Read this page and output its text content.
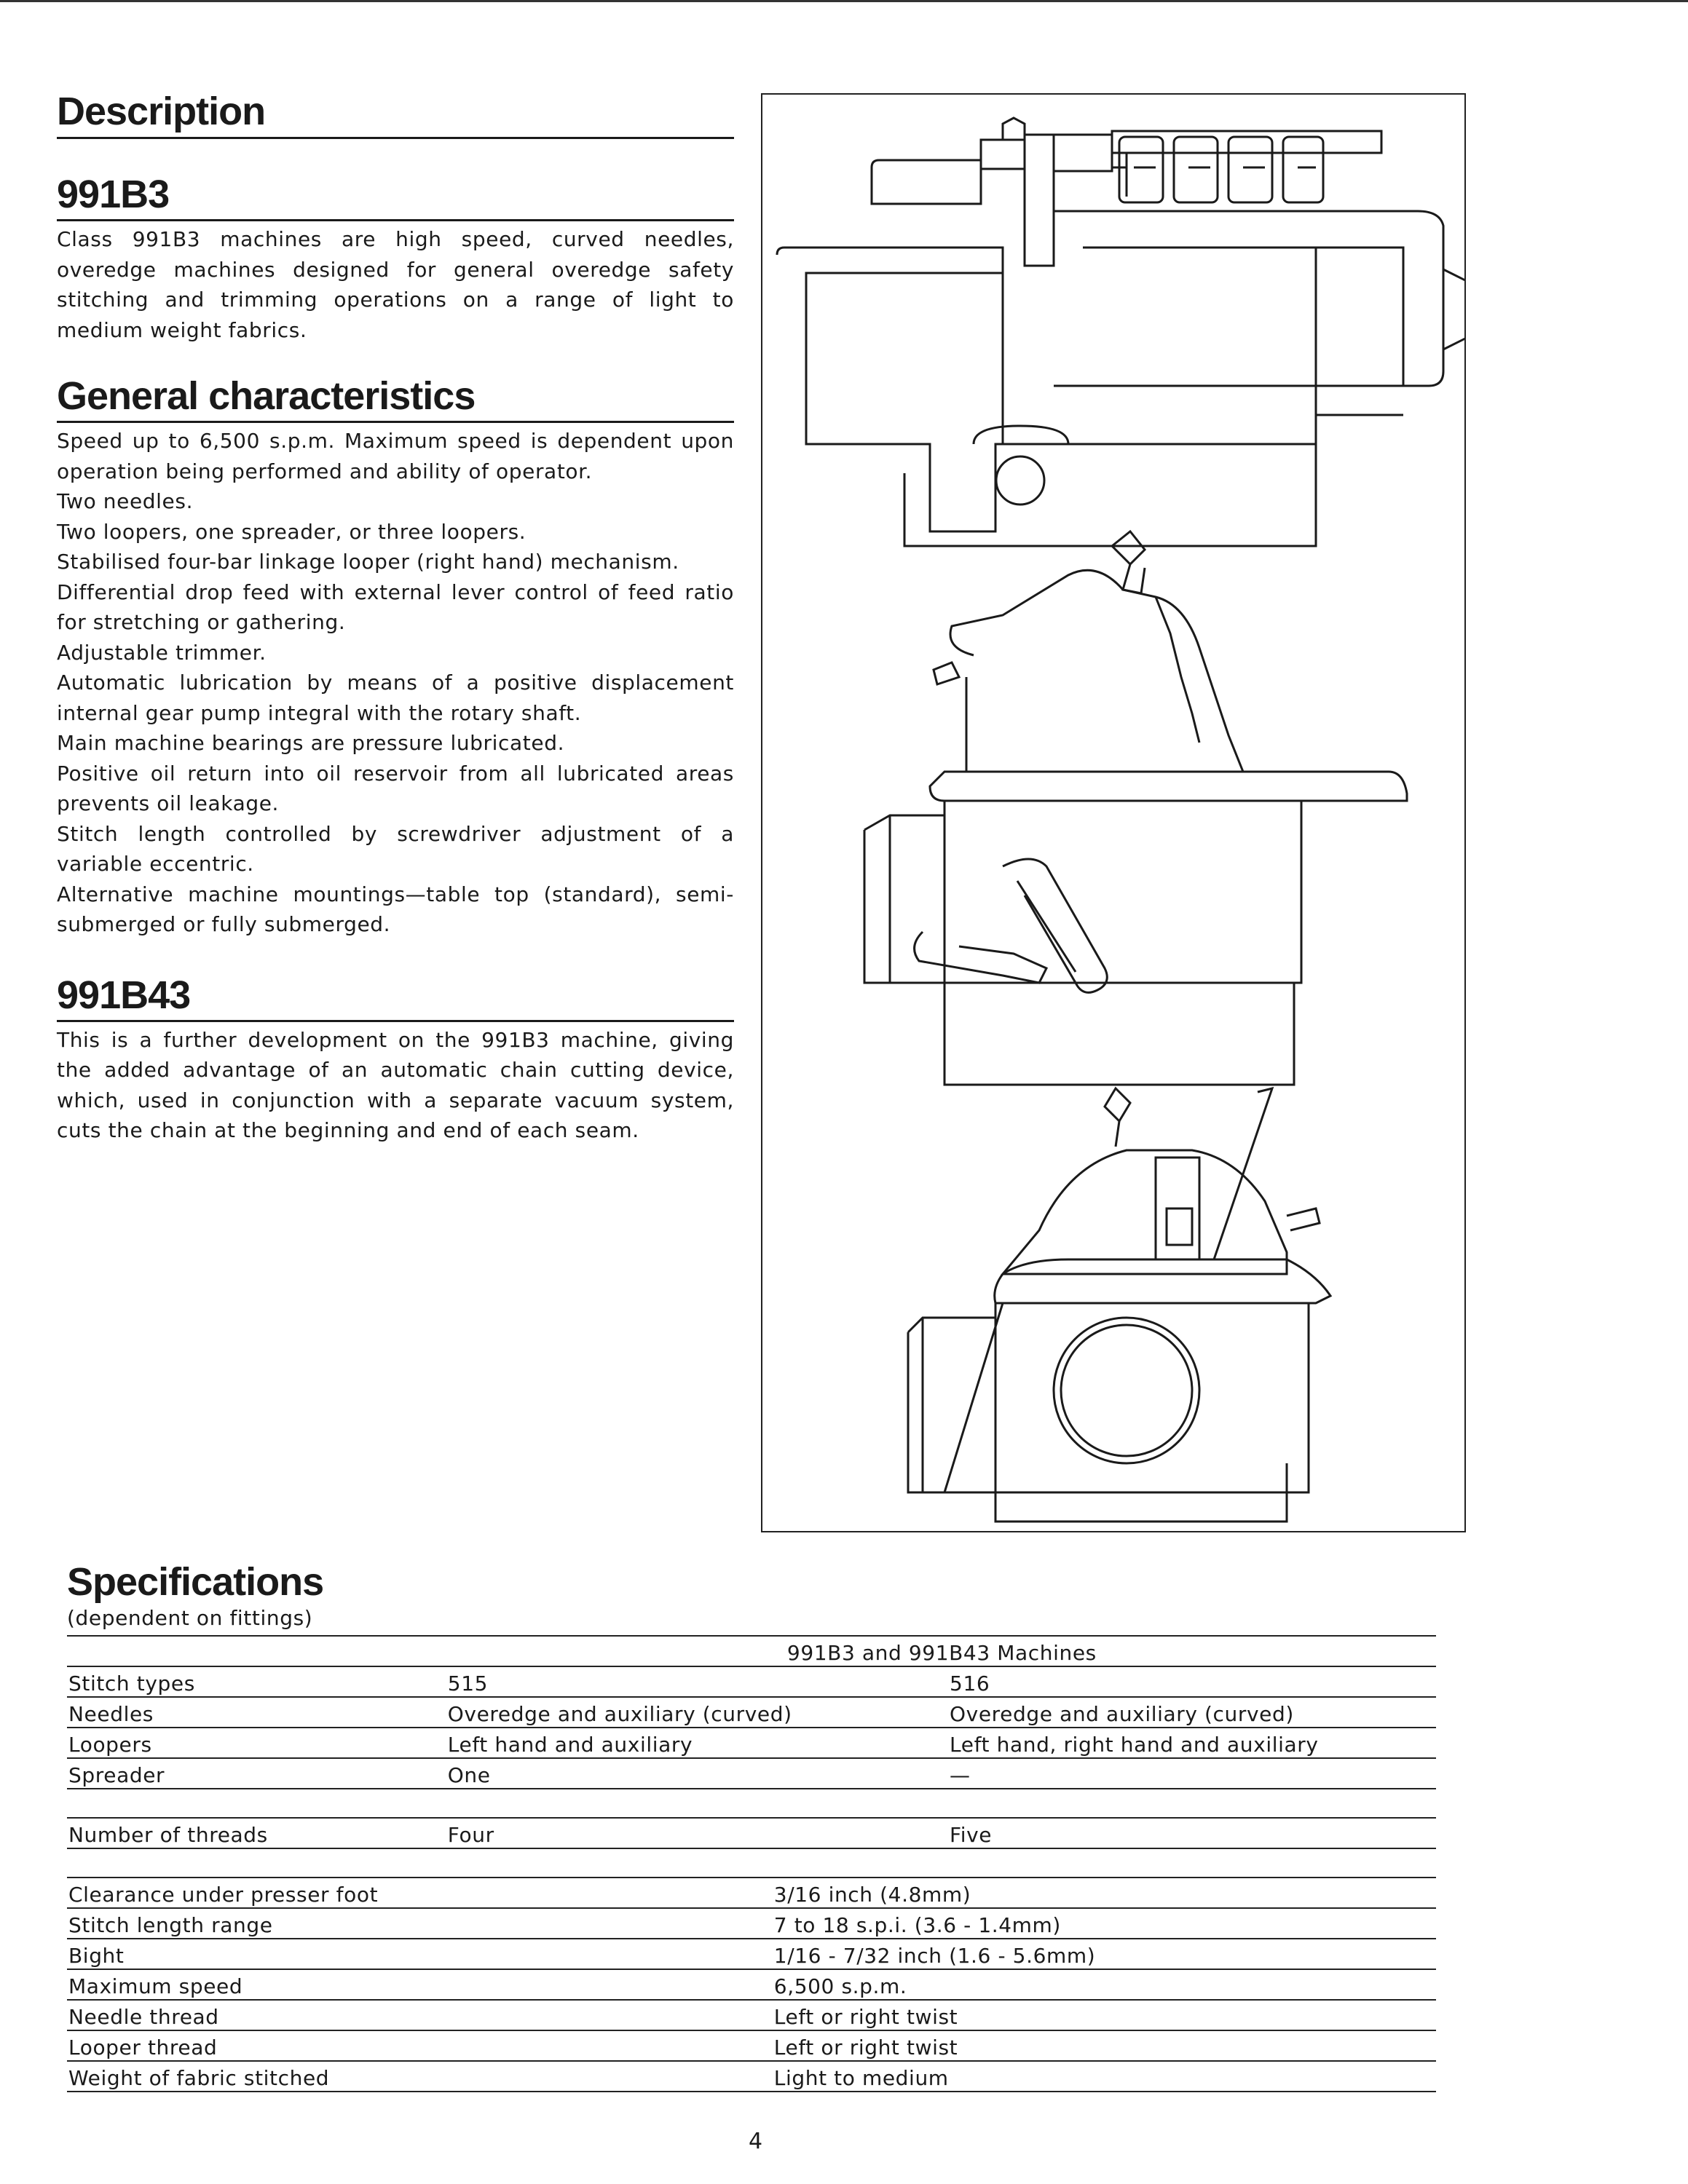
Description
991B3

Class 991B3 machines are high speed, curved needles, overedge machines designed for general overedge safety stitching and trimming operations on a range of light to medium weight fabrics.

General characteristics

Speed up to 6,500 s.p.m. Maximum speed is dependent upon operation being performed and ability of operator.

Two needles.

Two loopers, one spreader, or three loopers.

Stabilised four-bar linkage looper (right hand) mechanism.

Differential drop feed with external lever control of feed ratio for stretching or gathering.

Adjustable trimmer.

Automatic lubrication by means of a positive displacement internal gear pump integral with the rotary shaft.

Main machine bearings are pressure lubricated.

Positive oil return into oil reservoir from all lubricated areas prevents oil leakage.

Stitch length controlled by screwdriver adjustment of a variable eccentric.

Alternative machine mountings—table top (standard), semi-submerged or fully submerged.

991B43

This is a further development on the 991B3 machine, giving the added advantage of an automatic chain cutting device, which, used in conjunction with a separate vacuum system, cuts the chain at the beginning and end of each seam.

Specifications
(dependent on fittings)
	991B3 and 991B43 Machines	
Stitch types	515	516
Needles	Overedge and auxiliary (curved)	Overedge and auxiliary (curved)
Loopers	Left hand and auxiliary	Left hand, right hand and auxiliary
Spreader	One	—

Number of threads	Four	Five

Clearance under presser foot	3/16 inch (4.8mm)	
Stitch length range	7 to 18 s.p.i. (3.6 - 1.4mm)	
Bight	1/16 - 7/32 inch (1.6 - 5.6mm)	
Maximum speed	6,500 s.p.m.	
Needle thread	Left or right twist	
Looper thread	Left or right twist	
Weight of fabric stitched	Light to medium	
4
